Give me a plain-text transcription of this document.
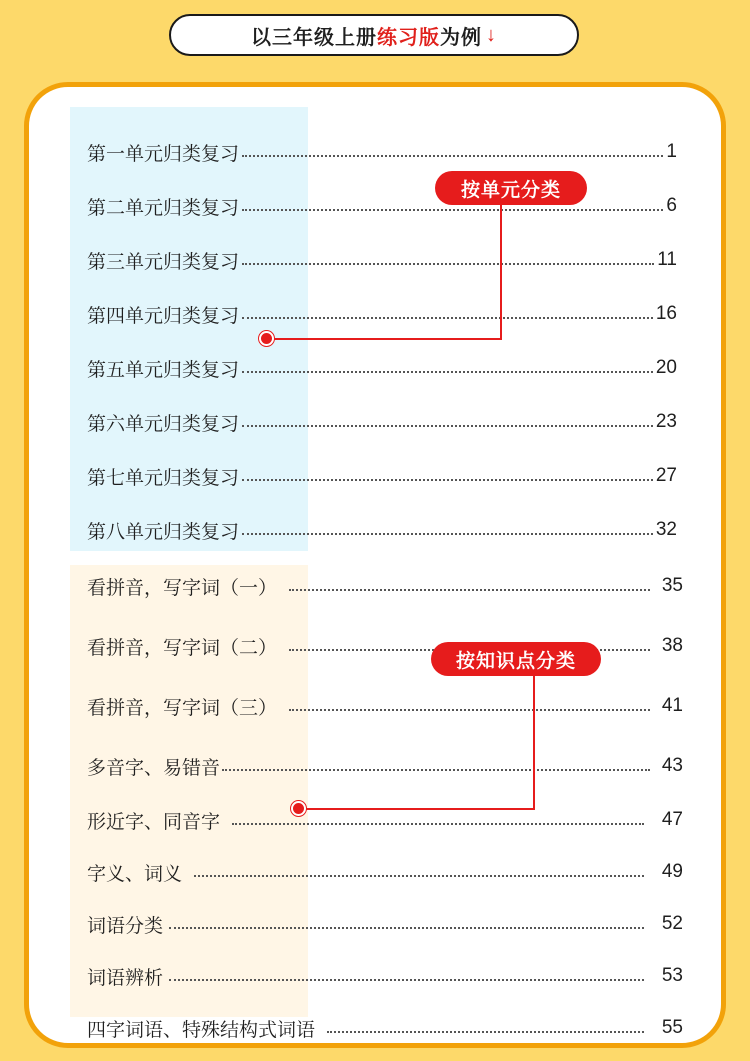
以三年级上册 练习版 为例 ↓
第一单元归类复习	1
第二单元归类复习	6
第三单元归类复习	11
第四单元归类复习	16
第五单元归类复习	20
第六单元归类复习	23
第七单元归类复习	27
第八单元归类复习	32
看拼音，写字词（一）	35
看拼音，写字词（二）	38
看拼音，写字词（三）	41
多音字、易错音	43
形近字、同音字	47
字义、词义	49
词语分类	52
词语辨析	53
四字词语、特殊结构式词语	55
按单元分类
按知识点分类
